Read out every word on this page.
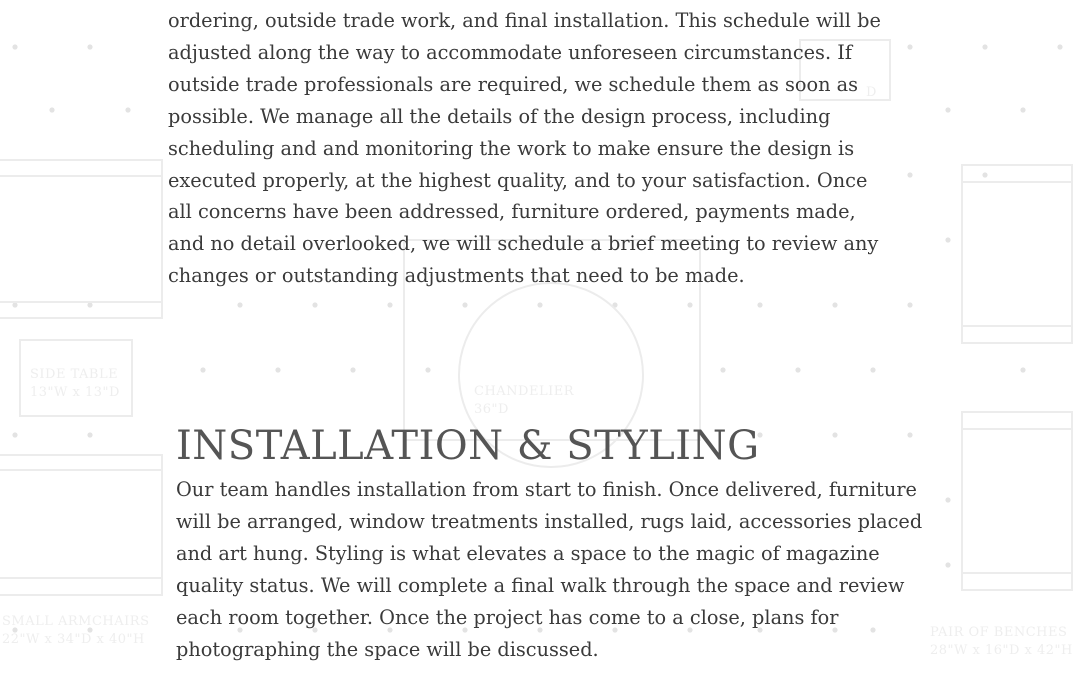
SIDE TABLE
13"W x 13"D	CHANDELIER
36"D
SMALL ARMCHAIRS
22"W x 34"D x 40"H	PAIR OF BENCHES
28"W x 16"D x 42"H
D

ordering, outside trade work, and final installation. This schedule will be
adjusted along the way to accommodate unforeseen circumstances. If
outside trade professionals are required, we schedule them as soon as
possible. We manage all the details of the design process, including
scheduling and and monitoring the work to make ensure the design is
executed properly, at the highest quality, and to your satisfaction. Once
all concerns have been addressed, furniture ordered, payments made,
and no detail overlooked, we will schedule a brief meeting to review any
changes or outstanding adjustments that need to be made.

INSTALLATION & STYLING

Our team handles installation from start to finish. Once delivered, furniture
will be arranged, window treatments installed, rugs laid, accessories placed
and art hung. Styling is what elevates a space to the magic of magazine
quality status. We will complete a final walk through the space and review
each room together. Once the project has come to a close, plans for
photographing the space will be discussed.
